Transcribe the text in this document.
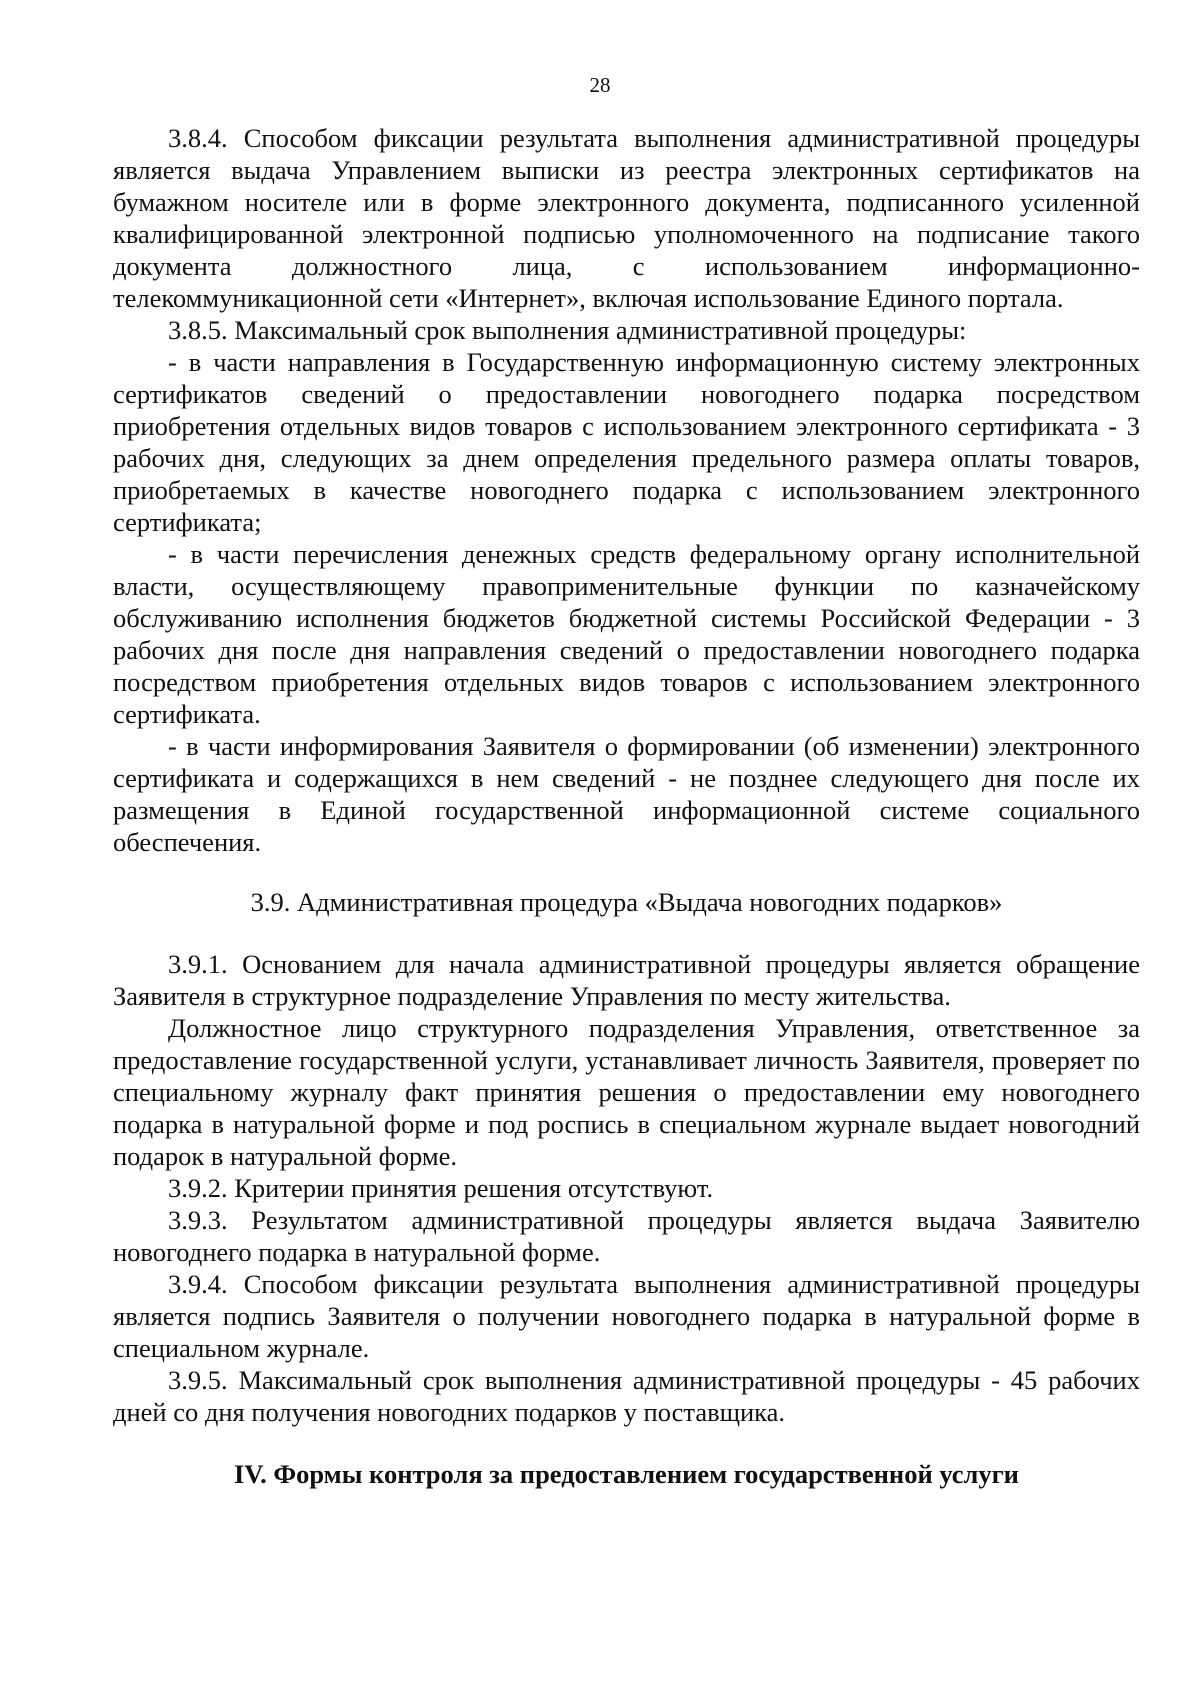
28

3.8.4. Способом фиксации результата выполнения административной процедуры является выдача Управлением выписки из реестра электронных сертификатов на бумажном носителе или в форме электронного документа, подписанного усиленной квалифицированной электронной подписью уполномоченного на подписание такого документа должностного лица, с использованием информационно-телекоммуникационной сети «Интернет», включая использование Единого портала.

3.8.5. Максимальный срок выполнения административной процедуры:

- в части направления в Государственную информационную систему электронных сертификатов сведений о предоставлении новогоднего подарка посредством приобретения отдельных видов товаров с использованием электронного сертификата - 3 рабочих дня, следующих за днем определения предельного размера оплаты товаров, приобретаемых в качестве новогоднего подарка с использованием электронного сертификата;

- в части перечисления денежных средств федеральному органу исполнительной власти, осуществляющему правоприменительные функции по казначейскому обслуживанию исполнения бюджетов бюджетной системы Российской Федерации - 3 рабочих дня после дня направления сведений о предоставлении новогоднего подарка посредством приобретения отдельных видов товаров с использованием электронного сертификата.

- в части информирования Заявителя о формировании (об изменении) электронного сертификата и содержащихся в нем сведений - не позднее следующего дня после их размещения в Единой государственной информационной системе социального обеспечения.

3.9. Административная процедура «Выдача новогодних подарков»

3.9.1. Основанием для начала административной процедуры является обращение Заявителя в структурное подразделение Управления по месту жительства.

Должностное лицо структурного подразделения Управления, ответственное за предоставление государственной услуги, устанавливает личность Заявителя, проверяет по специальному журналу факт принятия решения о предоставлении ему новогоднего подарка в натуральной форме и под роспись в специальном журнале выдает новогодний подарок в натуральной форме.

3.9.2. Критерии принятия решения отсутствуют.

3.9.3. Результатом административной процедуры является выдача Заявителю новогоднего подарка в натуральной форме.

3.9.4. Способом фиксации результата выполнения административной процедуры является подпись Заявителя о получении новогоднего подарка в натуральной форме в специальном журнале.

3.9.5. Максимальный срок выполнения административной процедуры - 45 рабочих дней со дня получения новогодних подарков у поставщика.

IV. Формы контроля за предоставлением государственной услуги
